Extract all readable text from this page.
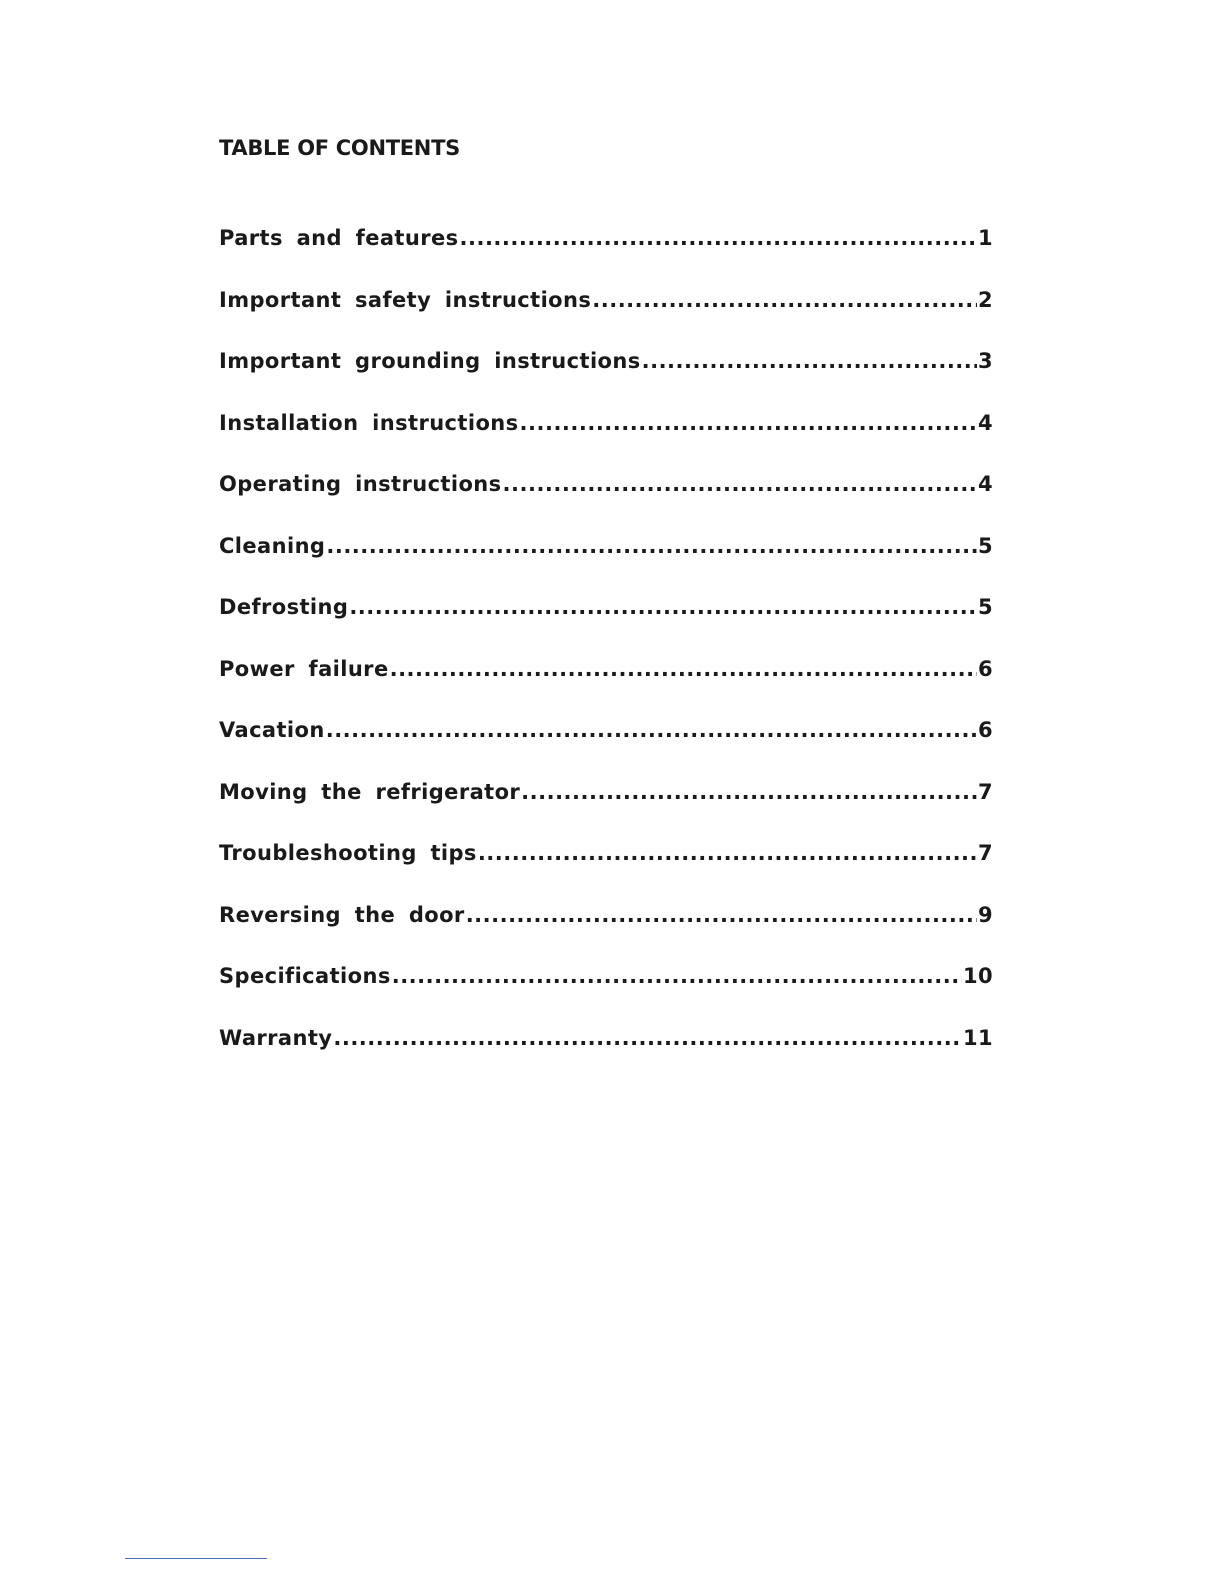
TABLE OF CONTENTS
Parts and features .....	1
Important safety instructions .....	2
Important grounding instructions .....	3
Installation instructions .....	4
Operating instructions .....	4
Cleaning .....	5
Defrosting .....	5
Power failure .....	6
Vacation .....	6
Moving the refrigerator .....	7
Troubleshooting tips .....	7
Reversing the door .....	9
Specifications .....	10
Warranty .....	11
